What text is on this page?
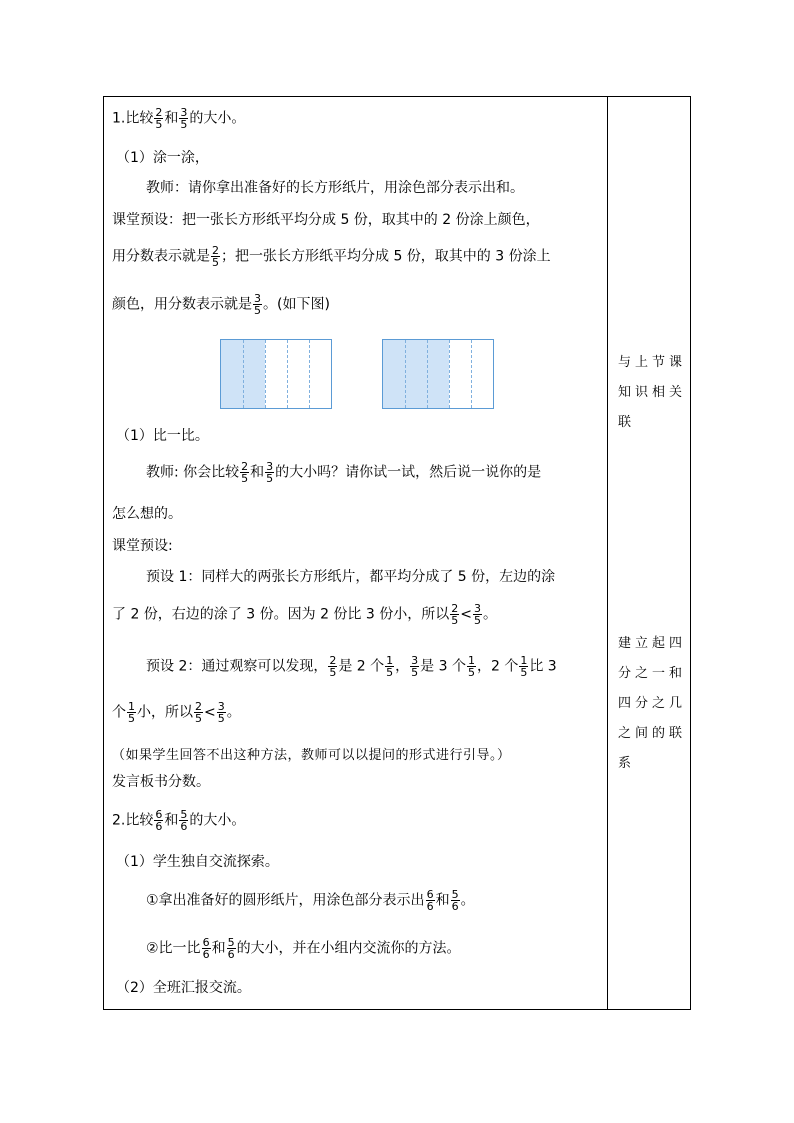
1.比较 $\frac{2}{5}$ 和 $\frac{3}{5}$ 的大小。
（1）涂一涂，
教师：请你拿出准备好的长方形纸片，用涂色部分表示出和。
课堂预设：把一张长方形纸平均分成 5 份，取其中的 2 份涂上颜色，
用分数表示就是 $\frac{2}{5}$ ；把一张长方形纸平均分成 5 份，取其中的 3 份涂上
颜色，用分数表示就是 $\frac{3}{5}$ 。(如下图)
（1）比一比。
教师: 你会比较 $\frac{2}{5}$ 和 $\frac{3}{5}$ 的大小吗？请你试一试，然后说一说你的是
怎么想的。
课堂预设:
预设 1：同样大的两张长方形纸片，都平均分成了 5 份，左边的涂
了 2 份，右边的涂了 3 份。因为 2 份比 3 份小，所以 $\frac{2}{5} < \frac{3}{5}$ 。
预设 2：通过观察可以发现， $\frac{2}{5}$ 是 2 个 $\frac{1}{5}$ ， $\frac{3}{5}$ 是 3 个 $\frac{1}{5}$ ，2 个 $\frac{1}{5}$ 比 3
个 $\frac{1}{5}$ 小，所以 $\frac{2}{5} < \frac{3}{5}$ 。
（如果学生回答不出这种方法，教师可以以提问的形式进行引导。）
发言板书分数。
2.比较 $\frac{6}{6}$ 和 $\frac{5}{6}$ 的大小。
（1）学生独自交流探索。
①拿出准备好的圆形纸片，用涂色部分表示出 $\frac{6}{6}$ 和 $\frac{5}{6}$ 。
②比一比 $\frac{6}{6}$ 和 $\frac{5}{6}$ 的大小，并在小组内交流你的方法。
（2）全班汇报交流。
与上节课
知识相关
联
建立起四
分之一和
四分之几
之间的联
系
